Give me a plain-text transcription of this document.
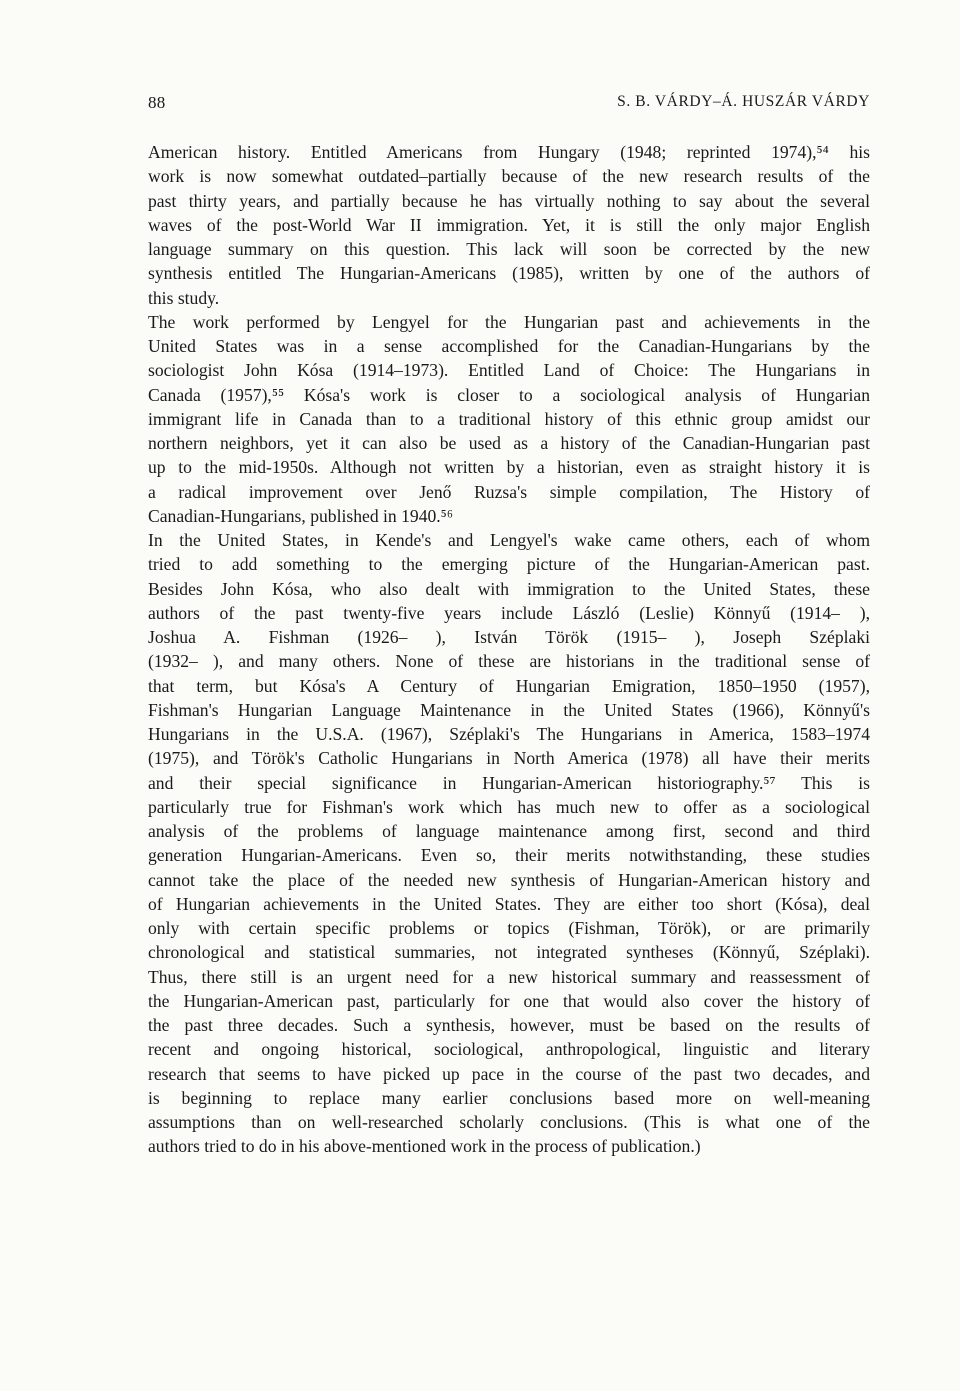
88	S. B. VÁRDY–Á. HUSZÁR VÁRDY
American history. Entitled Americans from Hungary (1948; reprinted 1974),⁵⁴ his
work is now somewhat outdated–partially because of the new research results of the
past thirty years, and partially because he has virtually nothing to say about the several
waves of the post-World War II immigration. Yet, it is still the only major English
language summary on this question. This lack will soon be corrected by the new
synthesis entitled The Hungarian-Americans (1985), written by one of the authors of
this study.
The work performed by Lengyel for the Hungarian past and achievements in the
United States was in a sense accomplished for the Canadian-Hungarians by the
sociologist John Kósa (1914–1973). Entitled Land of Choice: The Hungarians in
Canada (1957),⁵⁵ Kósa's work is closer to a sociological analysis of Hungarian
immigrant life in Canada than to a traditional history of this ethnic group amidst our
northern neighbors, yet it can also be used as a history of the Canadian-Hungarian past
up to the mid-1950s. Although not written by a historian, even as straight history it is
a radical improvement over Jenő Ruzsa's simple compilation, The History of
Canadian-Hungarians, published in 1940.⁵⁶
In the United States, in Kende's and Lengyel's wake came others, each of whom
tried to add something to the emerging picture of the Hungarian-American past.
Besides John Kósa, who also dealt with immigration to the United States, these
authors of the past twenty-five years include László (Leslie) Könnyű (1914– ),
Joshua A. Fishman (1926– ), István Török (1915– ), Joseph Széplaki
(1932– ), and many others. None of these are historians in the traditional sense of
that term, but Kósa's A Century of Hungarian Emigration, 1850–1950 (1957),
Fishman's Hungarian Language Maintenance in the United States (1966), Könnyű's
Hungarians in the U.S.A. (1967), Széplaki's The Hungarians in America, 1583–1974
(1975), and Török's Catholic Hungarians in North America (1978) all have their merits
and their special significance in Hungarian-American historiography.⁵⁷ This is
particularly true for Fishman's work which has much new to offer as a sociological
analysis of the problems of language maintenance among first, second and third
generation Hungarian-Americans. Even so, their merits notwithstanding, these studies
cannot take the place of the needed new synthesis of Hungarian-American history and
of Hungarian achievements in the United States. They are either too short (Kósa), deal
only with certain specific problems or topics (Fishman, Török), or are primarily
chronological and statistical summaries, not integrated syntheses (Könnyű, Széplaki).
Thus, there still is an urgent need for a new historical summary and reassessment of
the Hungarian-American past, particularly for one that would also cover the history of
the past three decades. Such a synthesis, however, must be based on the results of
recent and ongoing historical, sociological, anthropological, linguistic and literary
research that seems to have picked up pace in the course of the past two decades, and
is beginning to replace many earlier conclusions based more on well-meaning
assumptions than on well-researched scholarly conclusions. (This is what one of the
authors tried to do in his above-mentioned work in the process of publication.)
